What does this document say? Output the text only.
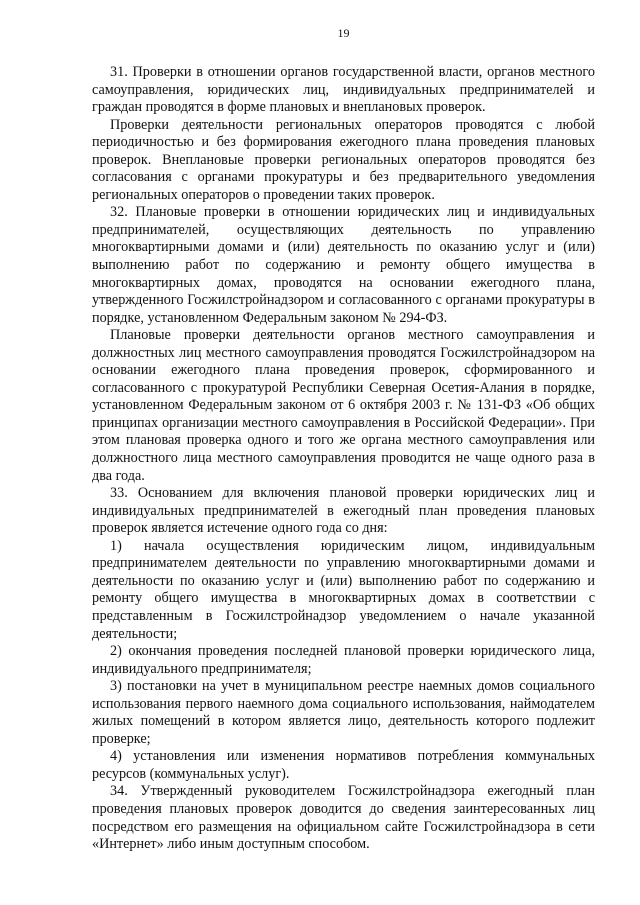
19

31. Проверки в отношении органов государственной власти, органов местного самоуправления, юридических лиц, индивидуальных предпринимателей и граждан проводятся в форме плановых и внеплановых проверок.

Проверки деятельности региональных операторов проводятся с любой периодичностью и без формирования ежегодного плана проведения плановых проверок. Внеплановые проверки региональных операторов проводятся без согласования с органами прокуратуры и без предварительного уведомления региональных операторов о проведении таких проверок.

32. Плановые проверки в отношении юридических лиц и индивидуальных предпринимателей, осуществляющих деятельность по управлению многоквартирными домами и (или) деятельность по оказанию услуг и (или) выполнению работ по содержанию и ремонту общего имущества в многоквартирных домах, проводятся на основании ежегодного плана, утвержденного Госжилстройнадзором и согласованного с органами прокуратуры в порядке, установленном Федеральным законом № 294-ФЗ.

Плановые проверки деятельности органов местного самоуправления и должностных лиц местного самоуправления проводятся Госжилстройнадзором на основании ежегодного плана проведения проверок, сформированного и согласованного с прокуратурой Республики Северная Осетия-Алания в порядке, установленном Федеральным законом от 6 октября 2003 г. № 131-ФЗ «Об общих принципах организации местного самоуправления в Российской Федерации». При этом плановая проверка одного и того же органа местного самоуправления или должностного лица местного самоуправления проводится не чаще одного раза в два года.

33. Основанием для включения плановой проверки юридических лиц и индивидуальных предпринимателей в ежегодный план проведения плановых проверок является истечение одного года со дня:

1) начала осуществления юридическим лицом, индивидуальным предпринимателем деятельности по управлению многоквартирными домами и деятельности по оказанию услуг и (или) выполнению работ по содержанию и ремонту общего имущества в многоквартирных домах в соответствии с представленным в Госжилстройнадзор уведомлением о начале указанной деятельности;

2) окончания проведения последней плановой проверки юридического лица, индивидуального предпринимателя;

3) постановки на учет в муниципальном реестре наемных домов социального использования первого наемного дома социального использования, наймодателем жилых помещений в котором является лицо, деятельность которого подлежит проверке;

4) установления или изменения нормативов потребления коммунальных ресурсов (коммунальных услуг).

34. Утвержденный руководителем Госжилстройнадзора ежегодный план проведения плановых проверок доводится до сведения заинтересованных лиц посредством его размещения на официальном сайте Госжилстройнадзора в сети «Интернет» либо иным доступным способом.
